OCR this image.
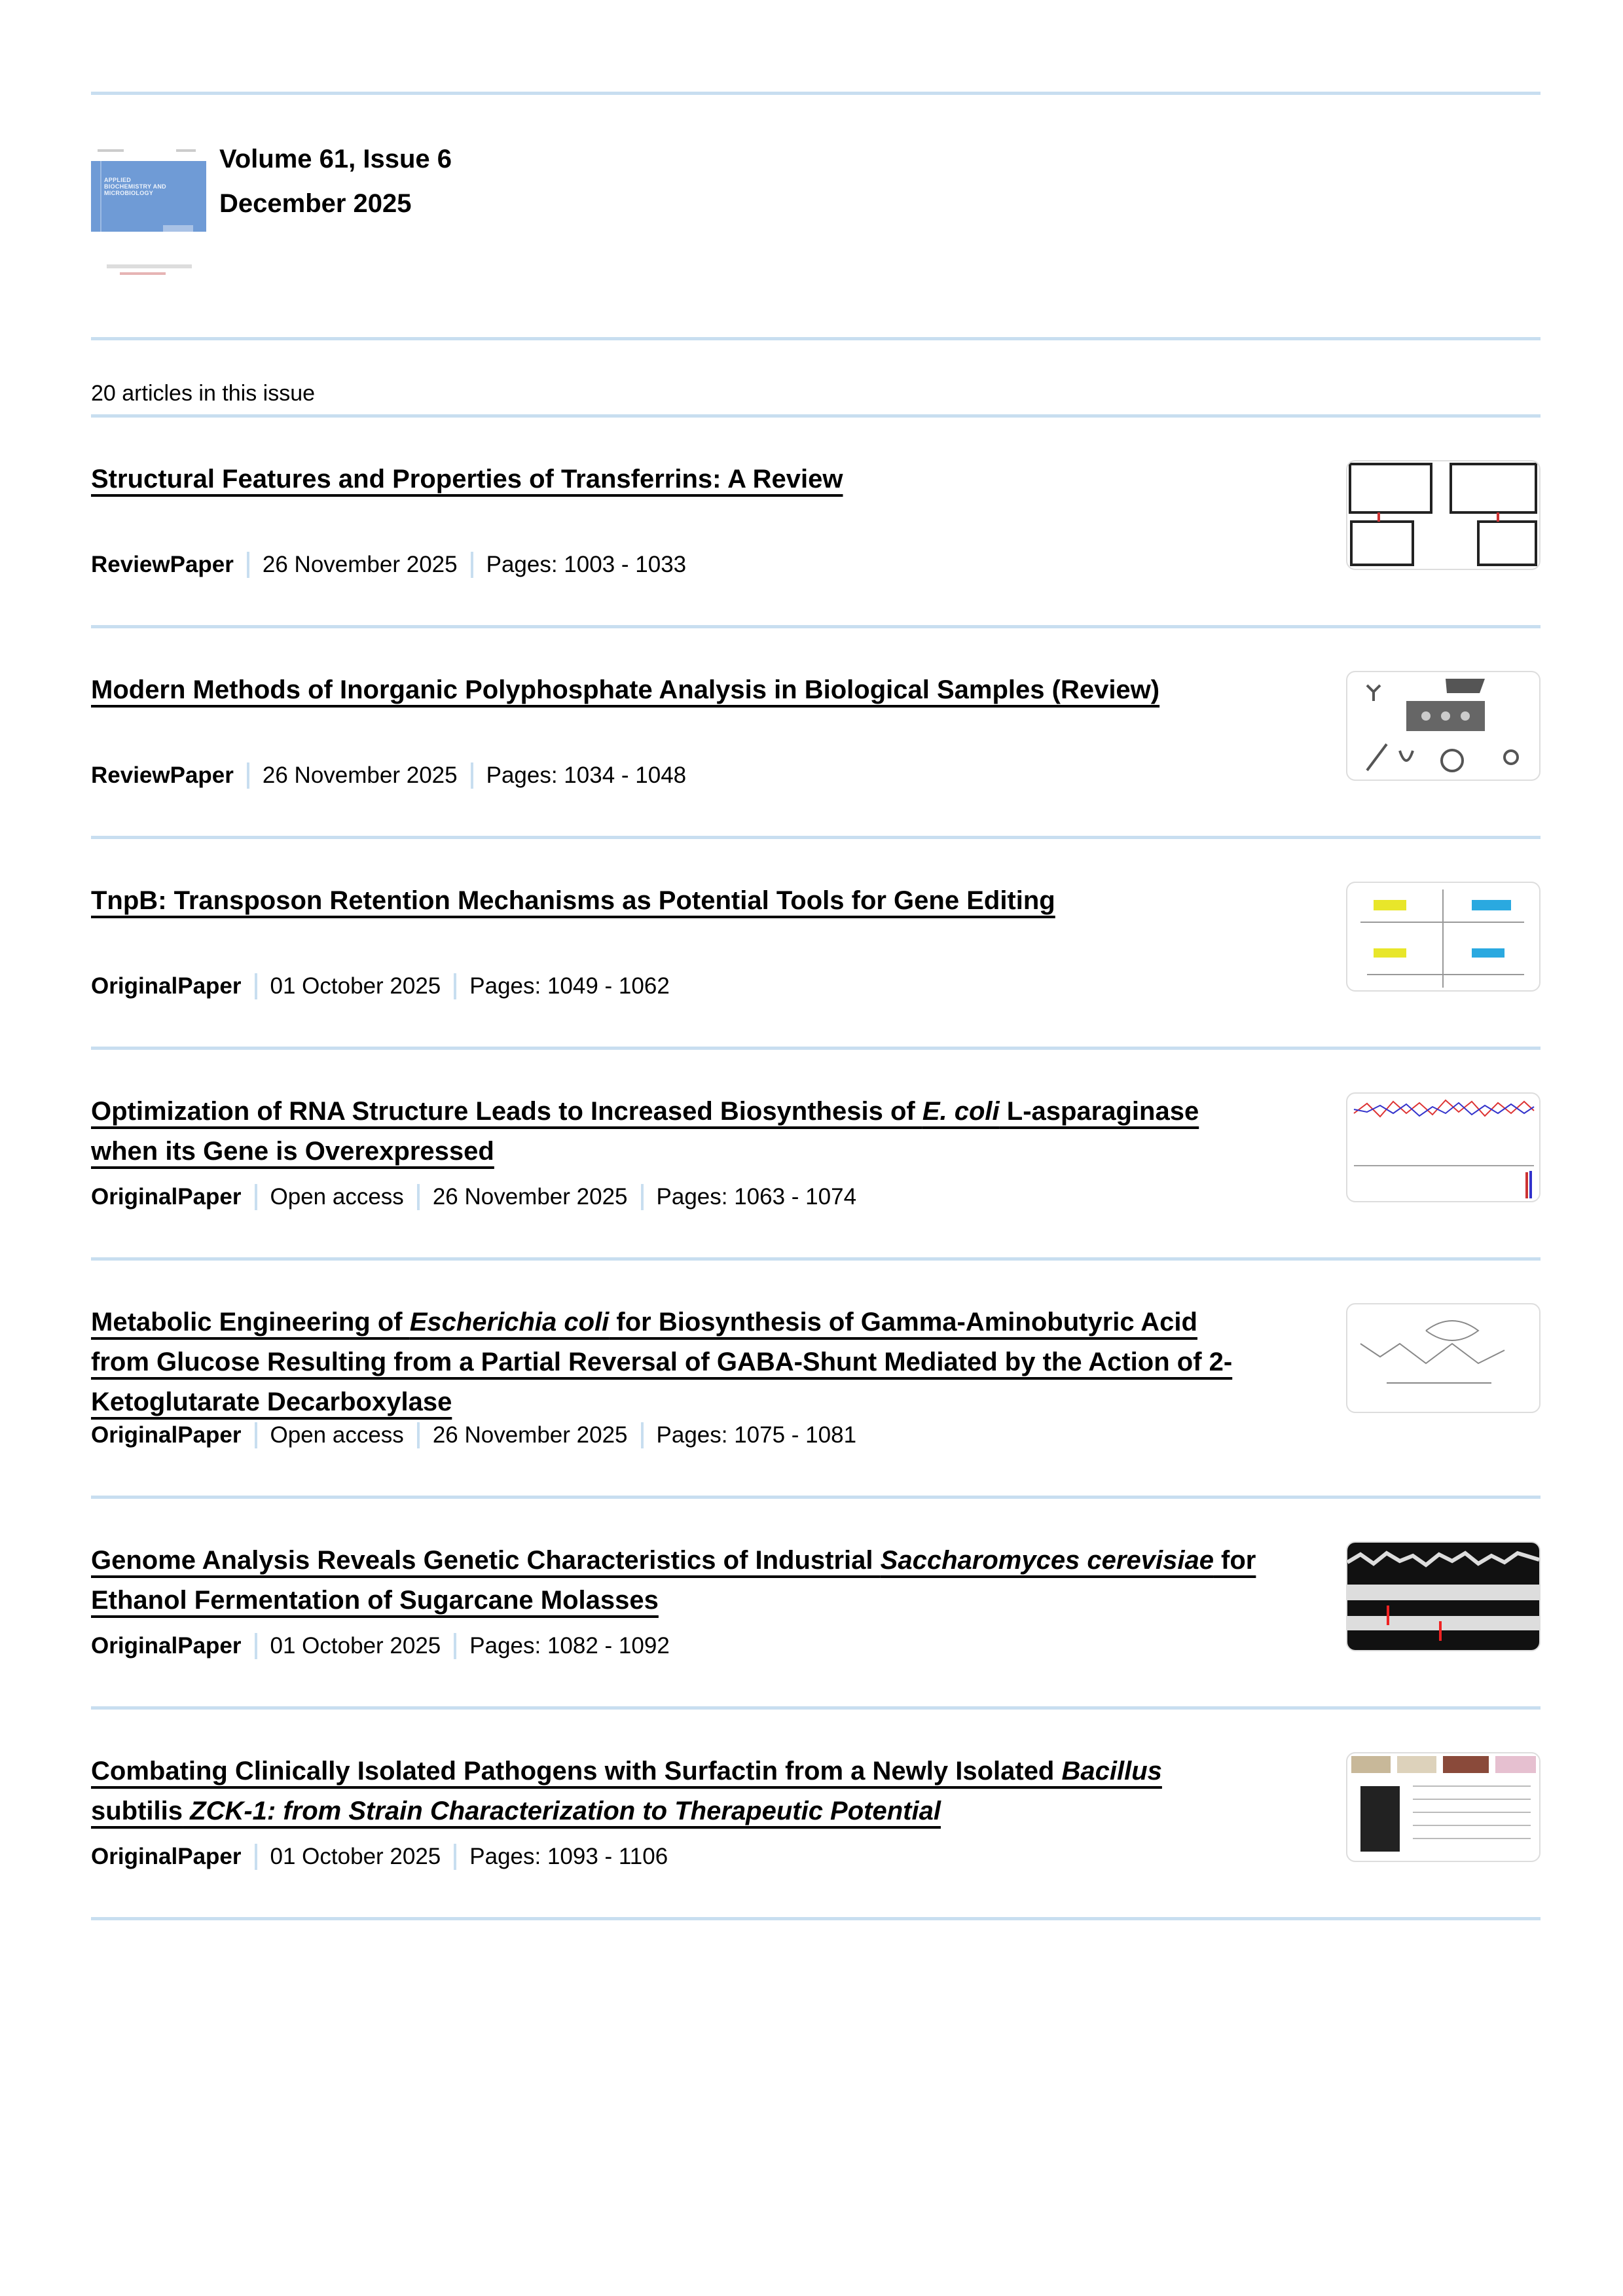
APPLIED BIOCHEMISTRY AND MICROBIOLOGY
Volume 61, Issue 6
December 2025
20 articles in this issue
Structural Features and Properties of Transferrins: A Review
ReviewPaper 26 November 2025 Pages: 1003 - 1033
Modern Methods of Inorganic Polyphosphate Analysis in Biological Samples (Review)
ReviewPaper 26 November 2025 Pages: 1034 - 1048
TnpB: Transposon Retention Mechanisms as Potential Tools for Gene Editing
OriginalPaper 01 October 2025 Pages: 1049 - 1062
Optimization of RNA Structure Leads to Increased Biosynthesis of E. coli L-asparaginase
when its Gene is Overexpressed
OriginalPaper Open access 26 November 2025 Pages: 1063 - 1074
Metabolic Engineering of Escherichia coli for Biosynthesis of Gamma-Aminobutyric Acid
from Glucose Resulting from a Partial Reversal of GABA-Shunt Mediated by the Action of 2-
Ketoglutarate Decarboxylase
OriginalPaper Open access 26 November 2025 Pages: 1075 - 1081
Genome Analysis Reveals Genetic Characteristics of Industrial Saccharomyces cerevisiae for
Ethanol Fermentation of Sugarcane Molasses
OriginalPaper 01 October 2025 Pages: 1082 - 1092
Combating Clinically Isolated Pathogens with Surfactin from a Newly Isolated Bacillus
subtilis ZCK-1: from Strain Characterization to Therapeutic Potential
OriginalPaper 01 October 2025 Pages: 1093 - 1106
